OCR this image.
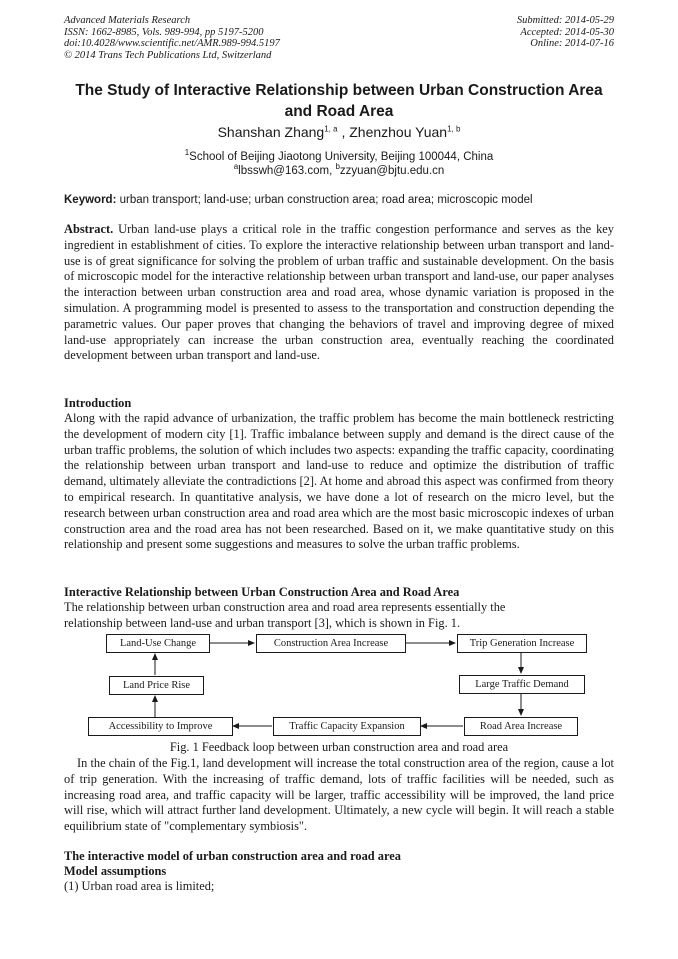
Advanced Materials Research
ISSN: 1662-8985, Vols. 989-994, pp 5197-5200
doi:10.4028/www.scientific.net/AMR.989-994.5197
© 2014 Trans Tech Publications Ltd, Switzerland
Submitted: 2014-05-29
Accepted: 2014-05-30
Online: 2014-07-16
The Study of Interactive Relationship between Urban Construction Area
and Road Area
Shanshan Zhang$^{1, a}$ , Zhenzhou Yuan$^{1, b}$
$^1$School of Beijing Jiaotong University, Beijing 100044, China
$^a$lbsswh@163.com, $^b$zzyuan@bjtu.edu.cn
Keyword: urban transport; land-use; urban construction area; road area; microscopic model
Abstract. Urban land-use plays a critical role in the traffic congestion performance and serves as the key ingredient in establishment of cities. To explore the interactive relationship between urban transport and land-use is of great significance for solving the problem of urban traffic and sustainable development. On the basis of microscopic model for the interactive relationship between urban transport and land-use, our paper analyses the interaction between urban construction area and road area, whose dynamic variation is proposed in the simulation. A programming model is presented to assess to the transportation and construction depending the parametric values. Our paper proves that changing the behaviors of travel and improving degree of mixed land-use appropriately can increase the urban construction area, eventually reaching the coordinated development between urban transport and land-use.
Introduction
Along with the rapid advance of urbanization, the traffic problem has become the main bottleneck restricting the development of modern city [1]. Traffic imbalance between supply and demand is the direct cause of the urban traffic problems, the solution of which includes two aspects: expanding the traffic capacity, coordinating the relationship between urban transport and land-use to reduce and optimize the distribution of traffic demand, ultimately alleviate the contradictions [2]. At home and abroad this aspect was confirmed from theory to empirical research. In quantitative analysis, we have done a lot of research on the micro level, but the research between urban construction area and road area which are the most basic microscopic indexes of urban construction area and the road area has not been researched. Based on it, we make quantitative study on this relationship and present some suggestions and measures to solve the urban traffic problems.
Interactive Relationship between Urban Construction Area and Road Area
The relationship between urban construction area and road area represents essentially the
relationship between land-use and urban transport [3], which is shown in Fig. 1.
Land-Use Change	Construction Area Increase	Trip Generation Increase
Land Price Rise	Large Traffic Demand
Accessibility to Improve	Traffic Capacity Expansion	Road Area Increase
Fig. 1 Feedback loop between urban construction area and road area
In the chain of the Fig.1, land development will increase the total construction area of the region, cause a lot of trip generation. With the increasing of traffic demand, lots of traffic facilities will be needed, such as increasing road area, and traffic capacity will be larger, traffic accessibility will be improved, the land price will rise, which will attract further land development. Ultimately, a new cycle will begin. It will reach a stable equilibrium state of "complementary symbiosis".
The interactive model of urban construction area and road area
Model assumptions
(1) Urban road area is limited;
